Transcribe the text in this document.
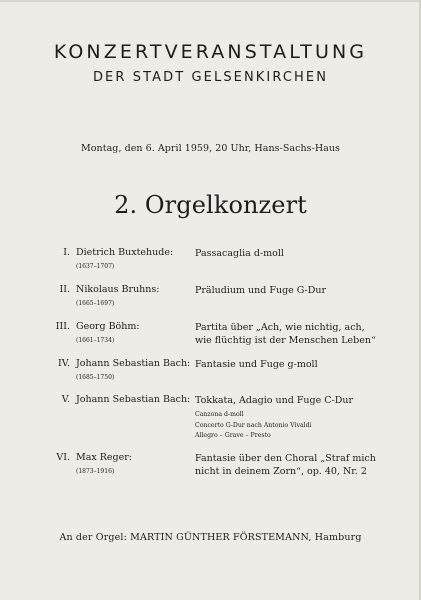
KONZERTVERANSTALTUNG
DER STADT GELSENKIRCHEN
Montag, den 6. April 1959, 20 Uhr, Hans-Sachs-Haus
2. Orgelkonzert
I. Dietrich Buxtehude:
(1637–1707)
Passacaglia d-moll
II. Nikolaus Bruhns:
(1665–1697)
Präludium und Fuge G-Dur
III. Georg Böhm:
(1661–1734)
Partita über „Ach, wie nichtig, ach,
wie flüchtig ist der Menschen Leben“
IV. Johann Sebastian Bach:
(1685–1750)
Fantasie und Fuge g-moll
V. Johann Sebastian Bach: Tokkata, Adagio und Fuge C-Dur
Canzona d-moll
Concerto G-Dur nach Antonio Vivaldi
Allegro – Grave – Presto
VI. Max Reger:
(1873–1916)
Fantasie über den Choral „Straf mich
nicht in deinem Zorn“, op. 40, Nr. 2
An der Orgel: MARTIN GÜNTHER FÖRSTEMANN, Hamburg
